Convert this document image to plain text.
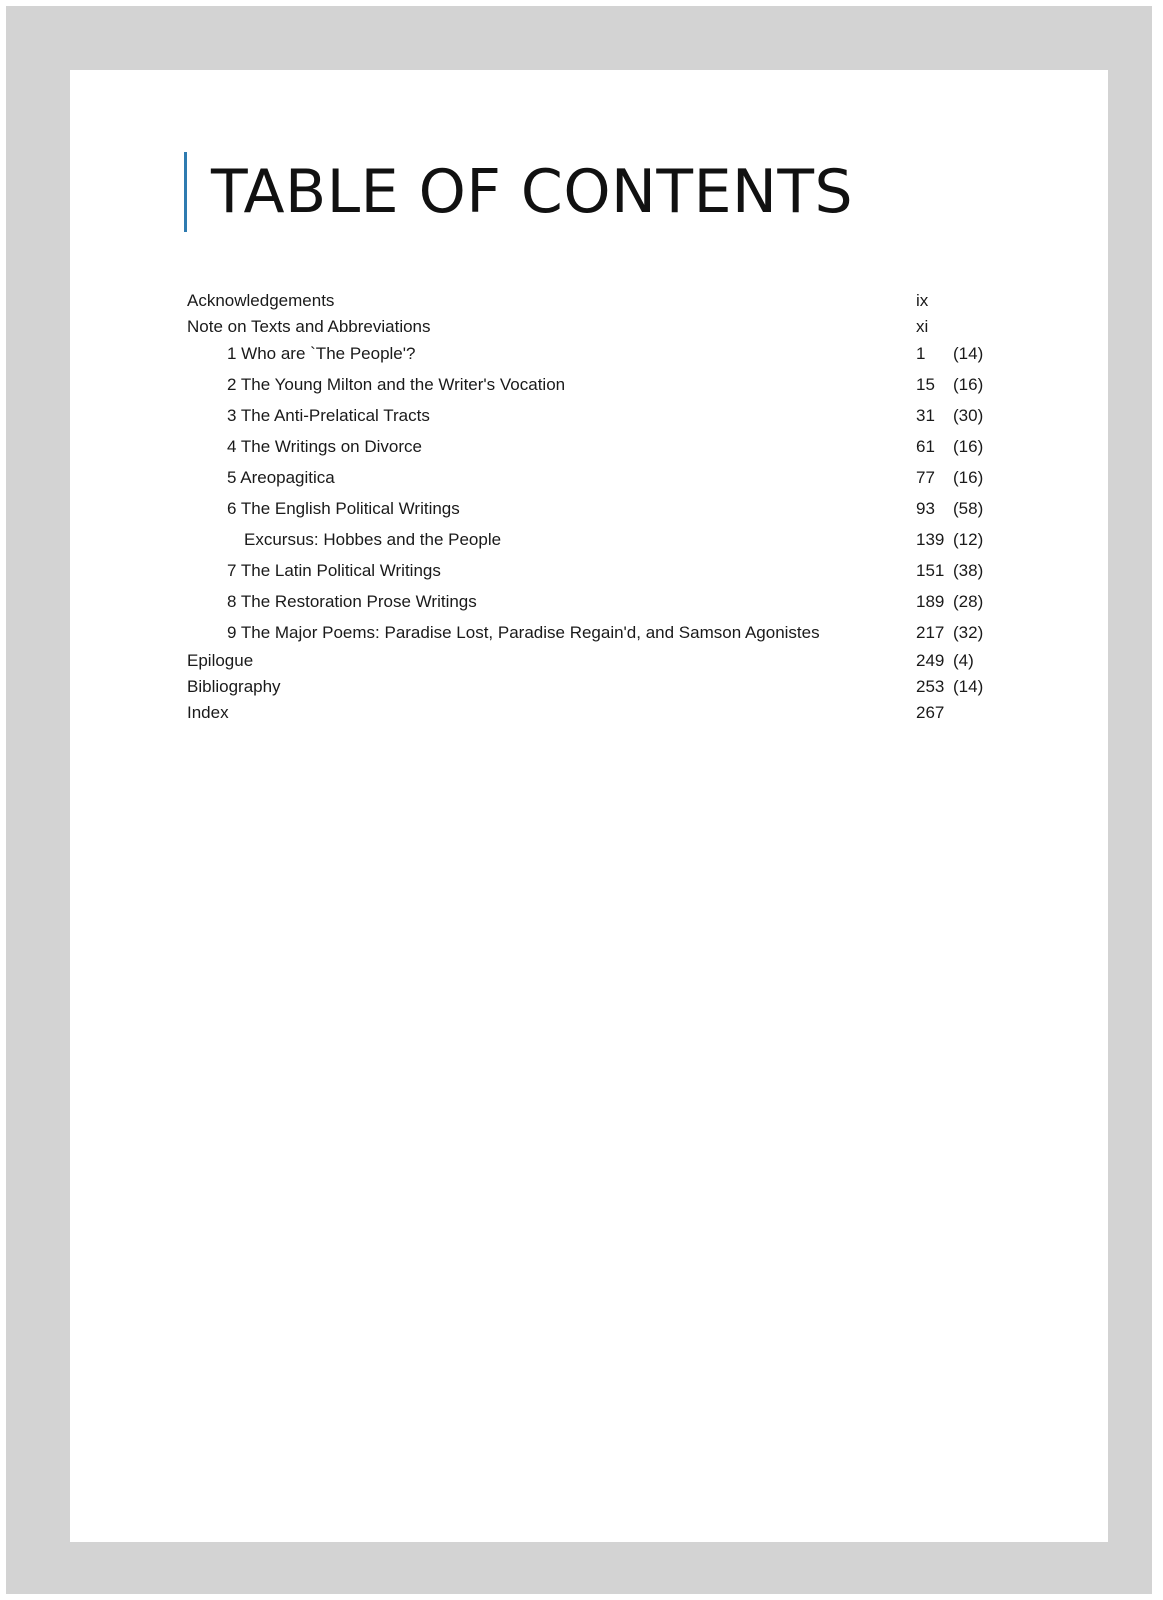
TABLE OF CONTENTS
Acknowledgements	ix
Note on Texts and Abbreviations	xi
1 Who are `The People'?	1 (14)
2 The Young Milton and the Writer's Vocation	15 (16)
3 The Anti-Prelatical Tracts	31 (30)
4 The Writings on Divorce	61 (16)
5 Areopagitica	77 (16)
6 The English Political Writings	93 (58)
Excursus: Hobbes and the People	139 (12)
7 The Latin Political Writings	151 (38)
8 The Restoration Prose Writings	189 (28)
9 The Major Poems: Paradise Lost, Paradise Regain'd, and Samson Agonistes	217 (32)
Epilogue	249 (4)
Bibliography	253 (14)
Index	267
